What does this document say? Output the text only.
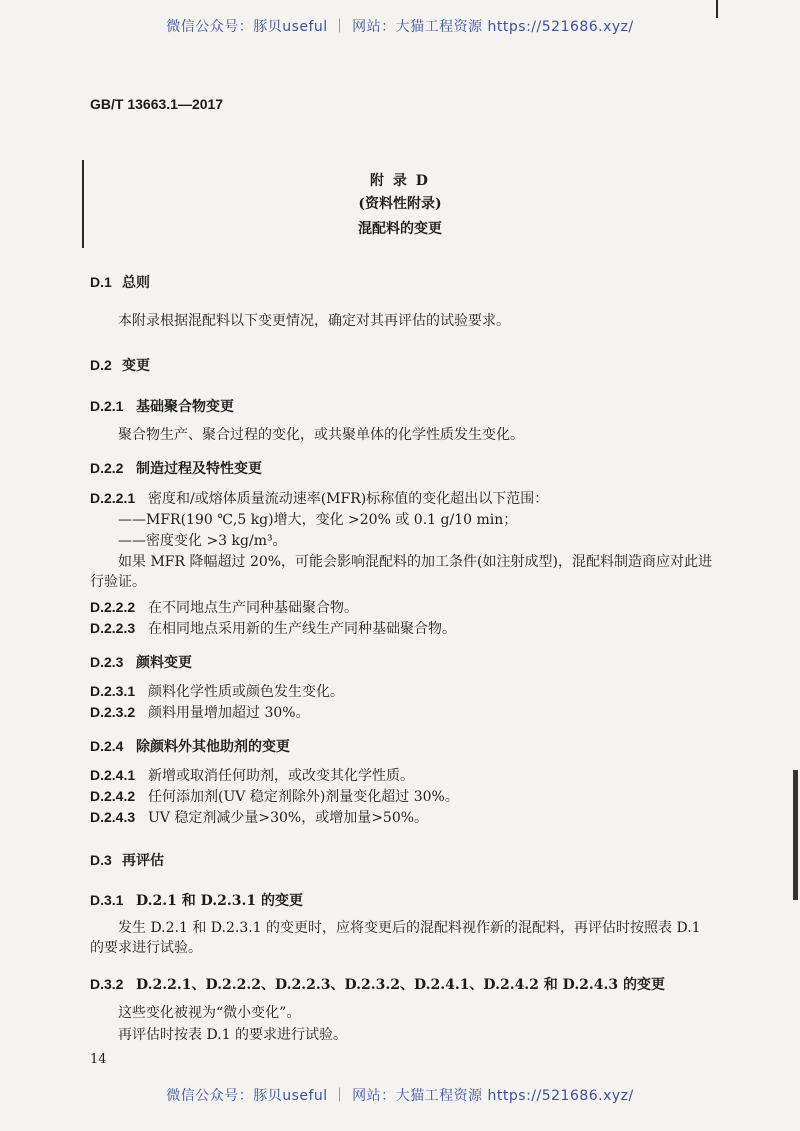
微信公众号：豚贝useful ｜ 网站：大猫工程资源 https://521686.xyz/
GB/T 13663.1—2017
附 录 D
(资料性附录)
混配料的变更
D.1 总则
本附录根据混配料以下变更情况，确定对其再评估的试验要求。
D.2 变更
D.2.1 基础聚合物变更
聚合物生产、聚合过程的变化，或共聚单体的化学性质发生变化。
D.2.2 制造过程及特性变更
D.2.2.1 密度和/或熔体质量流动速率(MFR)标称值的变化超出以下范围：
——MFR(190 ℃,5 kg)增大，变化 >20% 或 0.1 g/10 min；
——密度变化 >3 kg/m³。
如果 MFR 降幅超过 20%，可能会影响混配料的加工条件(如注射成型)，混配料制造商应对此进行验证。
D.2.2.2 在不同地点生产同种基础聚合物。
D.2.2.3 在相同地点采用新的生产线生产同种基础聚合物。
D.2.3 颜料变更
D.2.3.1 颜料化学性质或颜色发生变化。
D.2.3.2 颜料用量增加超过 30%。
D.2.4 除颜料外其他助剂的变更
D.2.4.1 新增或取消任何助剂，或改变其化学性质。
D.2.4.2 任何添加剂(UV 稳定剂除外)剂量变化超过 30%。
D.2.4.3 UV 稳定剂减少量>30%，或增加量>50%。
D.3 再评估
D.3.1 D.2.1 和 D.2.3.1 的变更
发生 D.2.1 和 D.2.3.1 的变更时，应将变更后的混配料视作新的混配料，再评估时按照表 D.1 的要求进行试验。
D.3.2 D.2.2.1、D.2.2.2、D.2.2.3、D.2.3.2、D.2.4.1、D.2.4.2 和 D.2.4.3 的变更
这些变化被视为“微小变化”。
再评估时按表 D.1 的要求进行试验。
14
微信公众号：豚贝useful ｜ 网站：大猫工程资源 https://521686.xyz/
